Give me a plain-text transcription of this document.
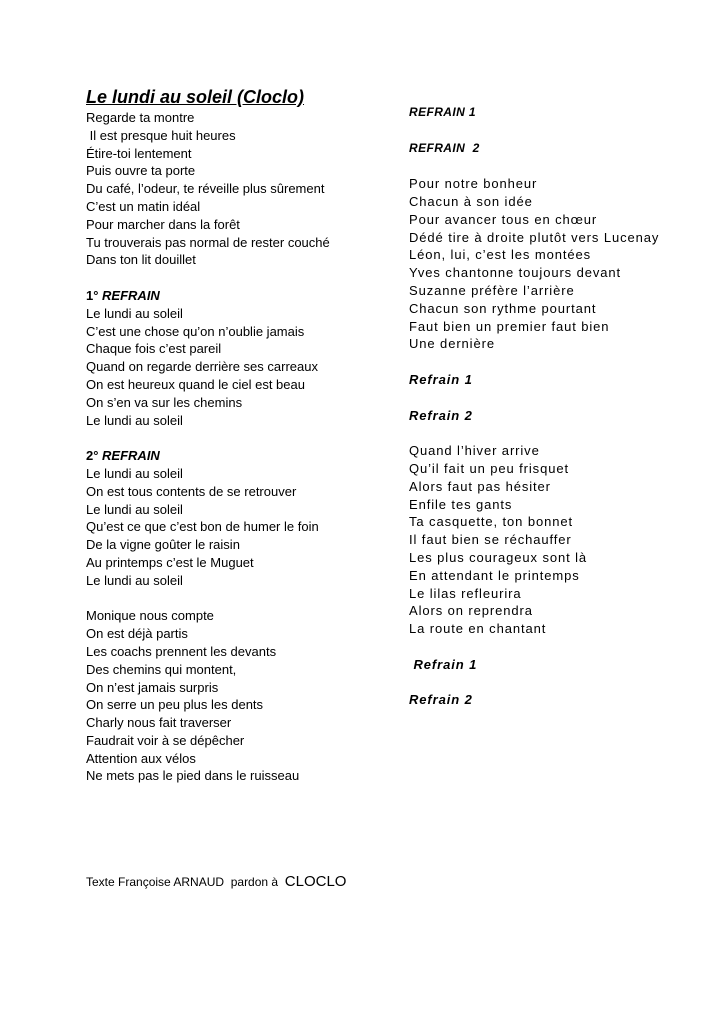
Le lundi au soleil (Cloclo)
Regarde ta montre
Il est presque huit heures
Étire-toi lentement
Puis ouvre ta porte
Du café, l’odeur, te réveille plus sûrement
C’est un matin idéal
Pour marcher dans la forêt
Tu trouverais pas normal de rester couché
Dans ton lit douillet
1° REFRAIN
Le lundi au soleil
C’est une chose qu’on n’oublie jamais
Chaque fois c’est pareil
Quand on regarde derrière ses carreaux
On est heureux quand le ciel est beau
On s’en va sur les chemins
Le lundi au soleil
2° REFRAIN
Le lundi au soleil
On est tous contents de se retrouver
Le lundi au soleil
Qu’est ce que c’est bon de humer le foin
De la vigne goûter le raisin
Au printemps c’est le Muguet
Le lundi au soleil
Monique nous compte
On est déjà partis
Les coachs prennent les devants
Des chemins qui montent,
On n’est jamais surpris
On serre un peu plus les dents
Charly nous fait traverser
Faudrait voir à se dépêcher
Attention aux vélos
Ne mets pas le pied dans le ruisseau
REFRAIN 1
REFRAIN  2
Pour notre bonheur
Chacun à son idée
Pour avancer tous en chœur
Dédé tire à droite plutôt vers Lucenay
Léon, lui, c’est les montées
Yves chantonne toujours devant
Suzanne préfère l’arrière
Chacun son rythme pourtant
Faut bien un premier faut bien
Une dernière
Refrain 1
Refrain 2
Quand l’hiver arrive
Qu’il fait un peu frisquet
Alors faut pas hésiter
Enfile tes gants
Ta casquette, ton bonnet
Il faut bien se réchauffer
Les plus courageux sont là
En attendant le printemps
Le lilas refleurira
Alors on reprendra
La route en chantant
Refrain 1
Refrain 2
Texte Françoise ARNAUD  pardon à  CLOCLO
